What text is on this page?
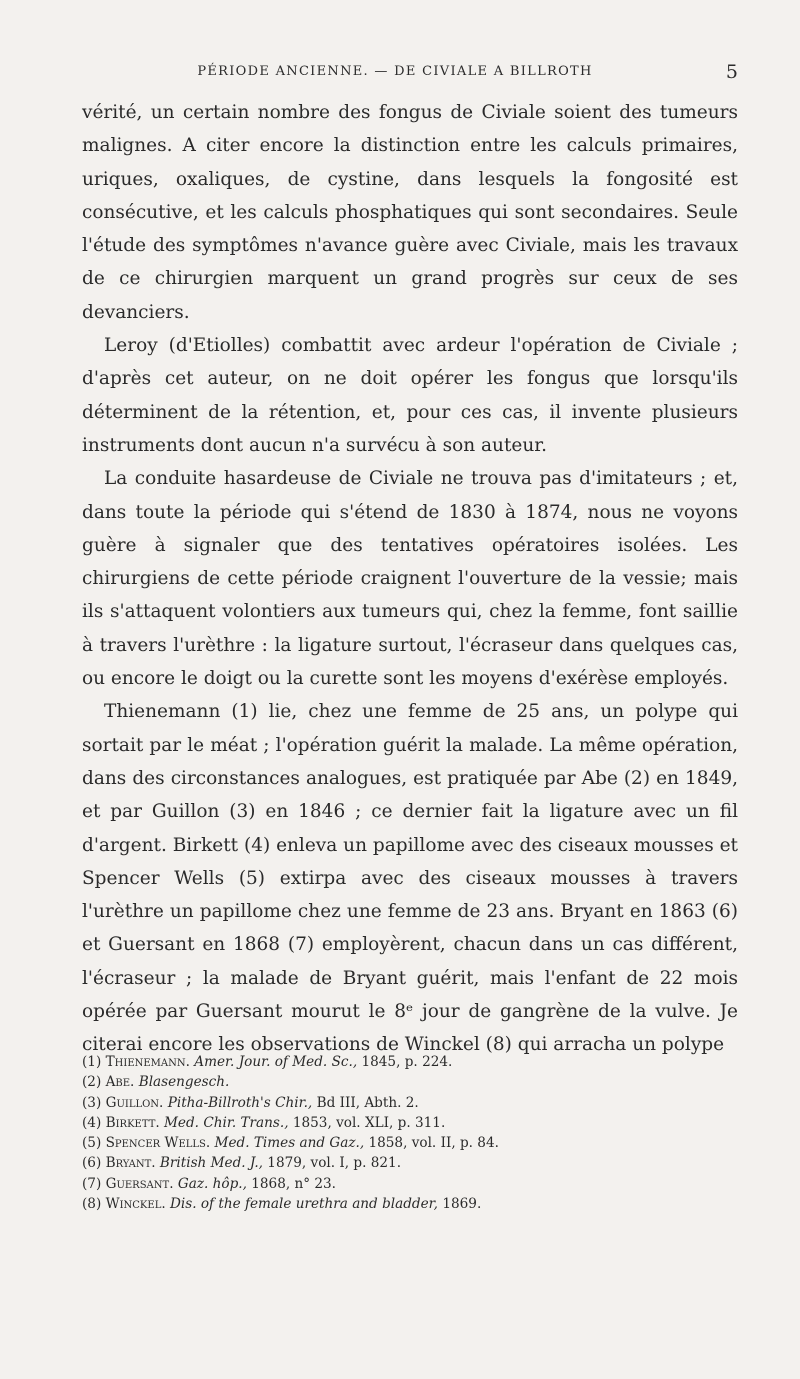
PÉRIODE ANCIENNE. — DE CIVIALE A BILLROTH	5

vérité, un certain nombre des fongus de Civiale soient des tumeurs malignes. A citer encore la distinction entre les calculs primaires, uriques, oxaliques, de cystine, dans lesquels la fongosité est consécutive, et les calculs phosphatiques qui sont secondaires. Seule l'étude des symptômes n'avance guère avec Civiale, mais les travaux de ce chirurgien marquent un grand progrès sur ceux de ses devanciers.

Leroy (d'Etiolles) combattit avec ardeur l'opération de Civiale ; d'après cet auteur, on ne doit opérer les fongus que lorsqu'ils déterminent de la rétention, et, pour ces cas, il invente plusieurs instruments dont aucun n'a survécu à son auteur.

La conduite hasardeuse de Civiale ne trouva pas d'imitateurs ; et, dans toute la période qui s'étend de 1830 à 1874, nous ne voyons guère à signaler que des tentatives opératoires isolées. Les chirurgiens de cette période craignent l'ouverture de la vessie; mais ils s'attaquent volontiers aux tumeurs qui, chez la femme, font saillie à travers l'urèthre : la ligature surtout, l'écraseur dans quelques cas, ou encore le doigt ou la curette sont les moyens d'exérèse employés.

Thienemann (1) lie, chez une femme de 25 ans, un polype qui sortait par le méat ; l'opération guérit la malade. La même opération, dans des circonstances analogues, est pratiquée par Abe (2) en 1849, et par Guillon (3) en 1846 ; ce dernier fait la ligature avec un fil d'argent. Birkett (4) enleva un papillome avec des ciseaux mousses et Spencer Wells (5) extirpa avec des ciseaux mousses à travers l'urèthre un papillome chez une femme de 23 ans. Bryant en 1863 (6) et Guersant en 1868 (7) employèrent, chacun dans un cas différent, l'écraseur ; la malade de Bryant guérit, mais l'enfant de 22 mois opérée par Guersant mourut le 8ᵉ jour de gangrène de la vulve. Je citerai encore les observations de Winckel (8) qui arracha un polype

(1) Thienemann. Amer. Jour. of Med. Sc., 1845, p. 224.
(2) Abe. Blasengesch.
(3) Guillon. Pitha-Billroth's Chir., Bd III, Abth. 2.
(4) Birkett. Med. Chir. Trans., 1853, vol. XLI, p. 311.
(5) Spencer Wells. Med. Times and Gaz., 1858, vol. II, p. 84.
(6) Bryant. British Med. J., 1879, vol. I, p. 821.
(7) Guersant. Gaz. hôp., 1868, n° 23.
(8) Winckel. Dis. of the female urethra and bladder, 1869.
